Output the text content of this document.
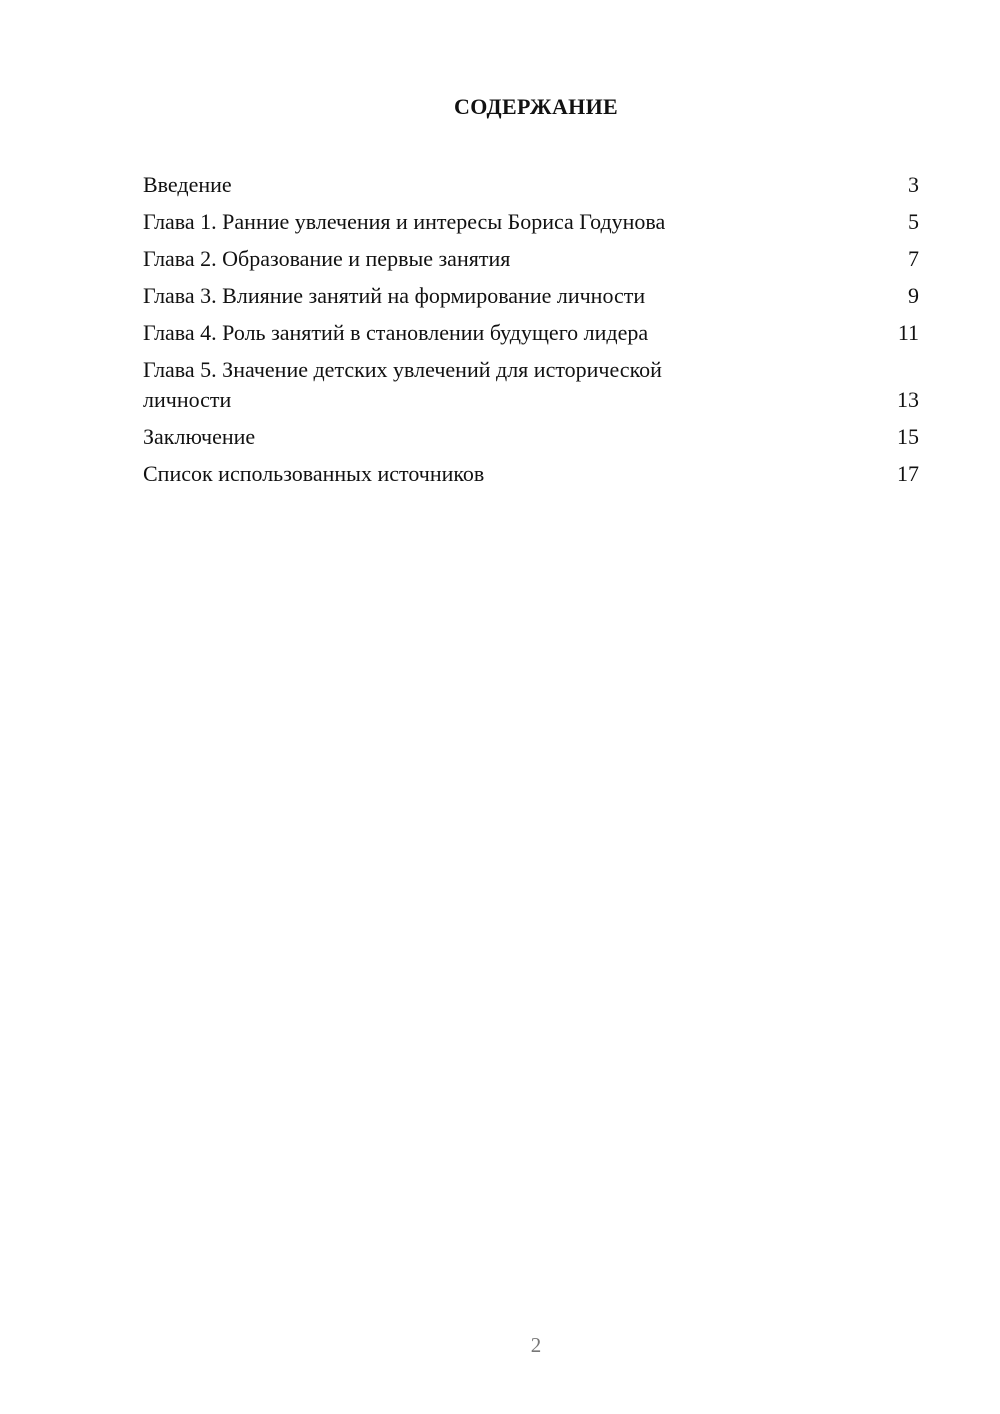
СОДЕРЖАНИЕ
Введение	3
Глава 1. Ранние увлечения и интересы Бориса Годунова	5
Глава 2. Образование и первые занятия	7
Глава 3. Влияние занятий на формирование личности	9
Глава 4. Роль занятий в становлении будущего лидера	11
Глава 5. Значение детских увлечений для исторической личности	13
Заключение	15
Список использованных источников	17
2
